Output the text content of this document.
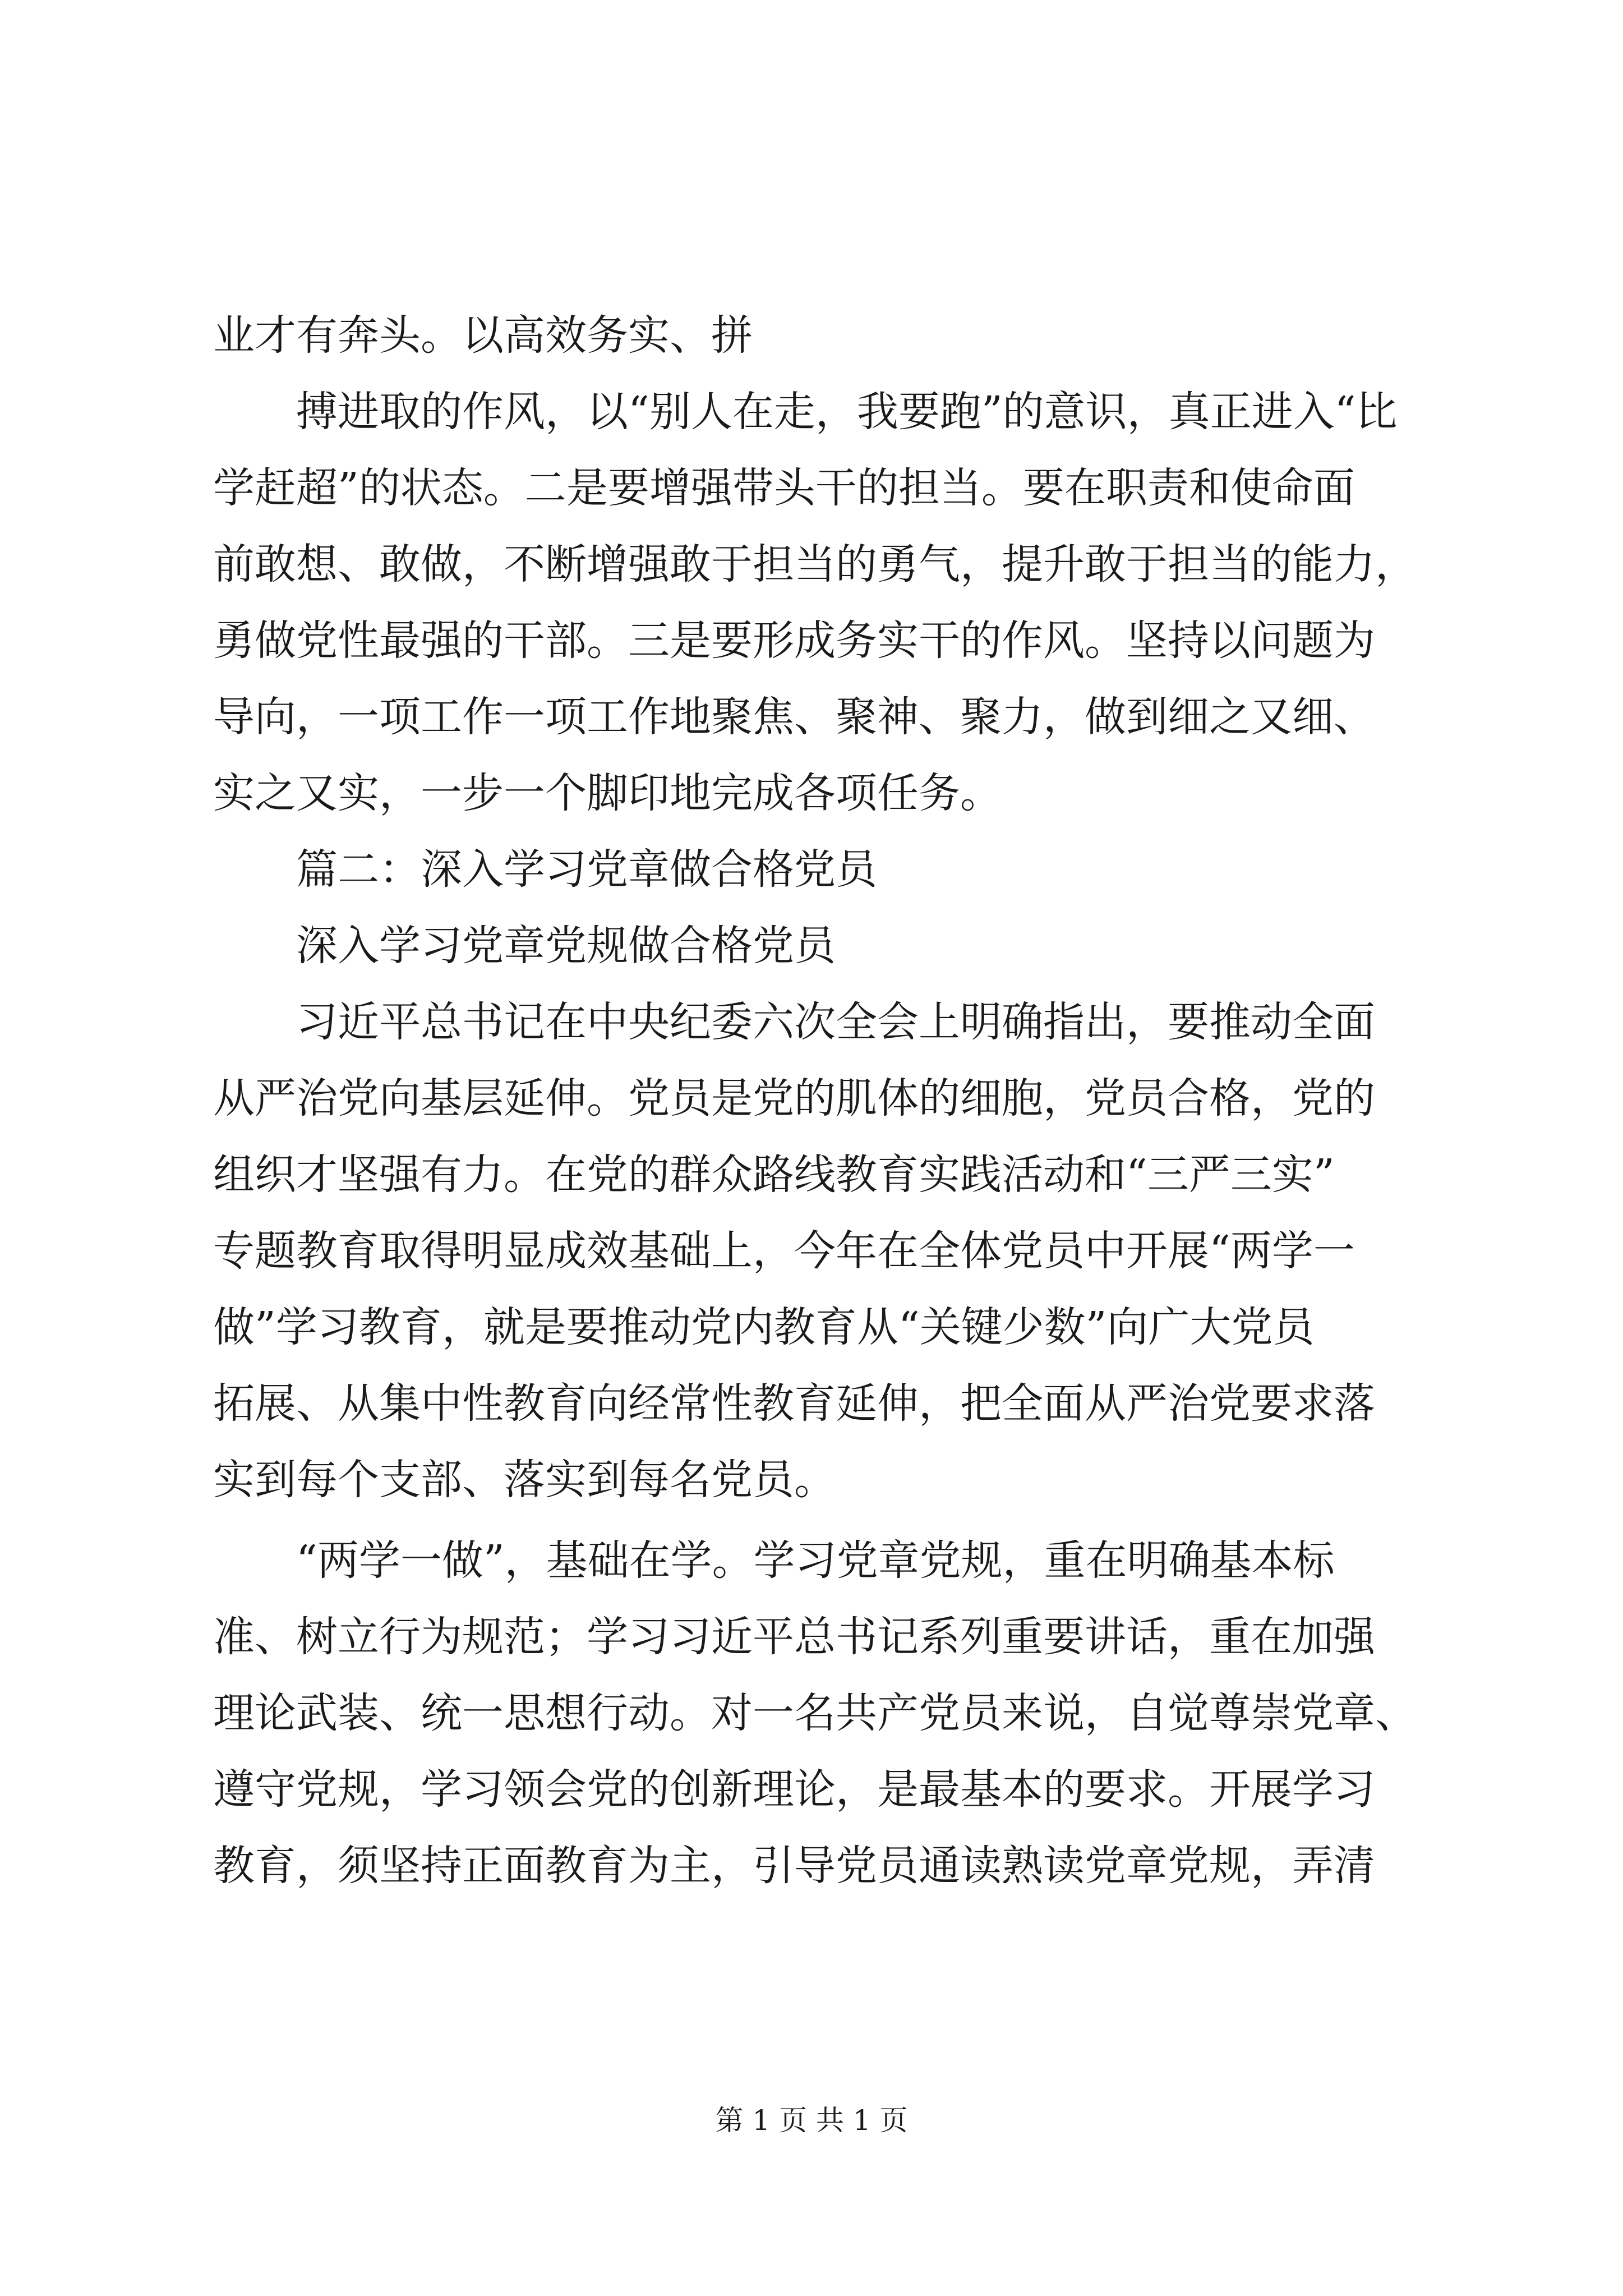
业才有奔头。以高效务实、拼
搏进取的作风，以“别人在走，我要跑”的意识，真正进入“比
学赶超”的状态。二是要增强带头干的担当。要在职责和使命面
前敢想、敢做，不断增强敢于担当的勇气，提升敢于担当的能力，
勇做党性最强的干部。三是要形成务实干的作风。坚持以问题为
导向，一项工作一项工作地聚焦、聚神、聚力，做到细之又细、
实之又实，一步一个脚印地完成各项任务。
篇二：深入学习党章做合格党员
深入学习党章党规做合格党员
习近平总书记在中央纪委六次全会上明确指出，要推动全面
从严治党向基层延伸。党员是党的肌体的细胞，党员合格，党的
组织才坚强有力。在党的群众路线教育实践活动和“三严三实”
专题教育取得明显成效基础上，今年在全体党员中开展“两学一
做”学习教育，就是要推动党内教育从“关键少数”向广大党员
拓展、从集中性教育向经常性教育延伸，把全面从严治党要求落
实到每个支部、落实到每名党员。
“两学一做”，基础在学。学习党章党规，重在明确基本标
准、树立行为规范；学习习近平总书记系列重要讲话，重在加强
理论武装、统一思想行动。对一名共产党员来说，自觉尊崇党章、
遵守党规，学习领会党的创新理论，是最基本的要求。开展学习
教育，须坚持正面教育为主，引导党员通读熟读党章党规，弄清
第 1 页 共 1 页
